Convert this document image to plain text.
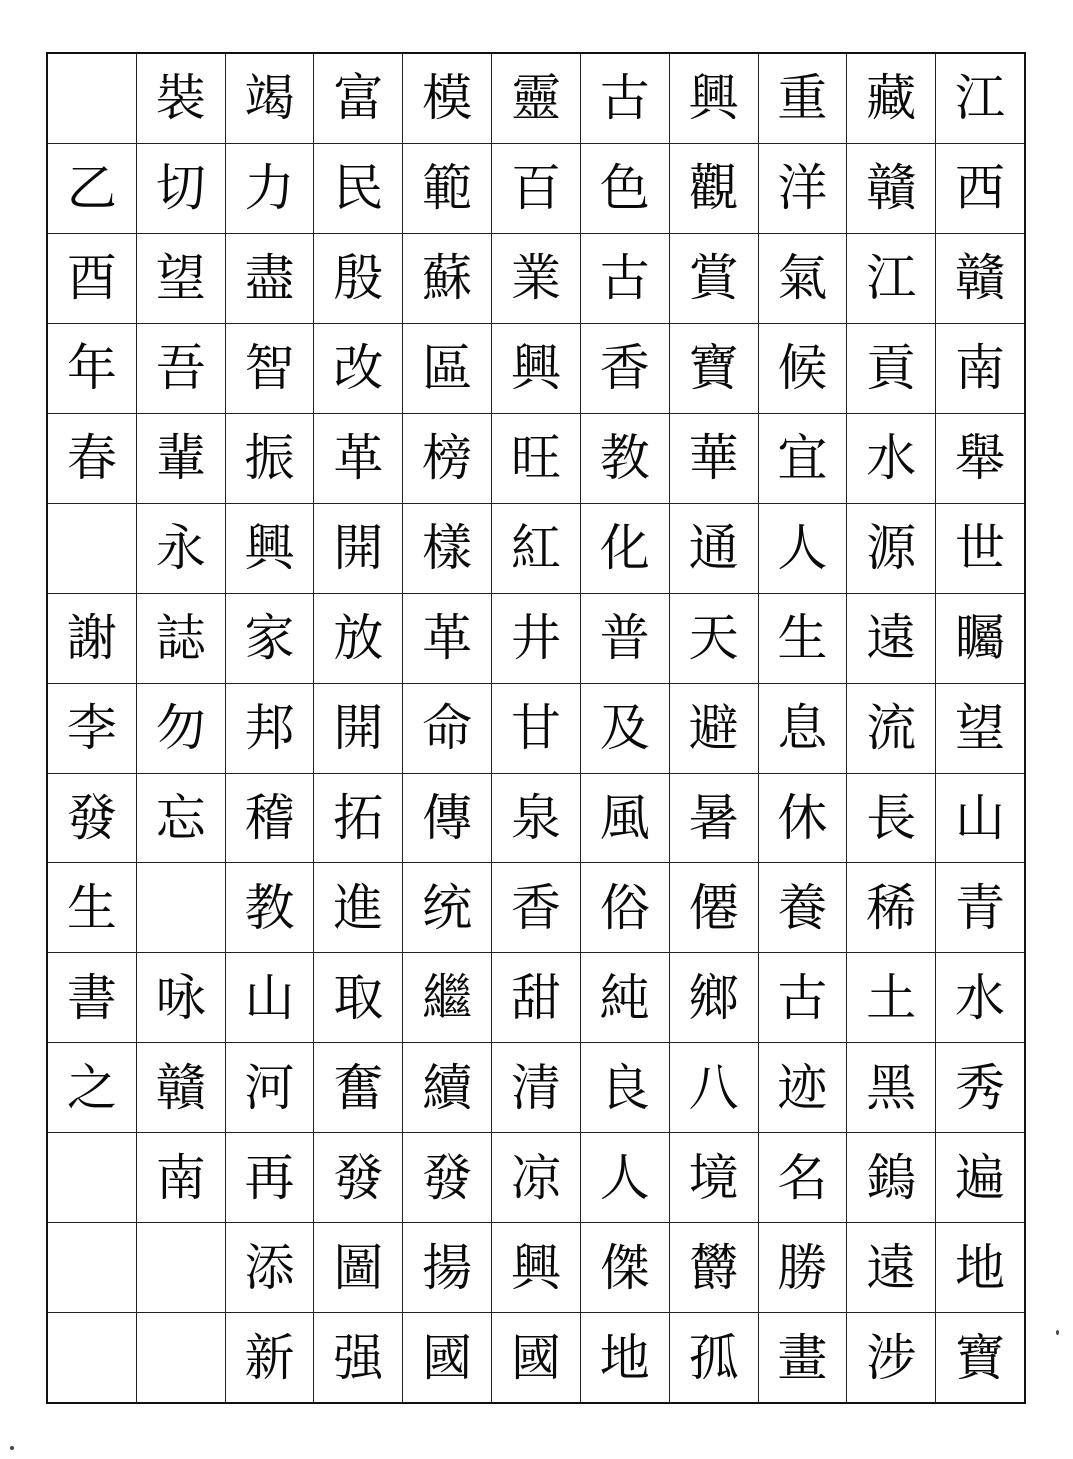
乙
酉
年
春
謝
李
發
生
書
之
裝
切
望
吾
輩
永
誌
勿
忘
咏
贛
南
竭
力
盡
智
振
興
家
邦
稽
教
山
河
再
添
新
富
民
殷
改
革
開
放
開
拓
進
取
奮
發
圖
强
模
範
蘇
區
榜
樣
革
命
傳
统
繼
續
發
揚
國
靈
百
業
興
旺
紅
井
甘
泉
香
甜
清
凉
興
國
古
色
古
香
教
化
普
及
風
俗
純
良
人
傑
地
興
觀
賞
寶
華
通
天
避
暑
僊
鄉
八
境
欝
孤
重
洋
氣
候
宜
人
生
息
休
養
古
迹
名
勝
畫
藏
贛
江
貢
水
源
遠
流
長
稀
土
黑
鎢
遠
涉
江
西
贛
南
舉
世
矚
望
山
青
水
秀
遍
地
寶
